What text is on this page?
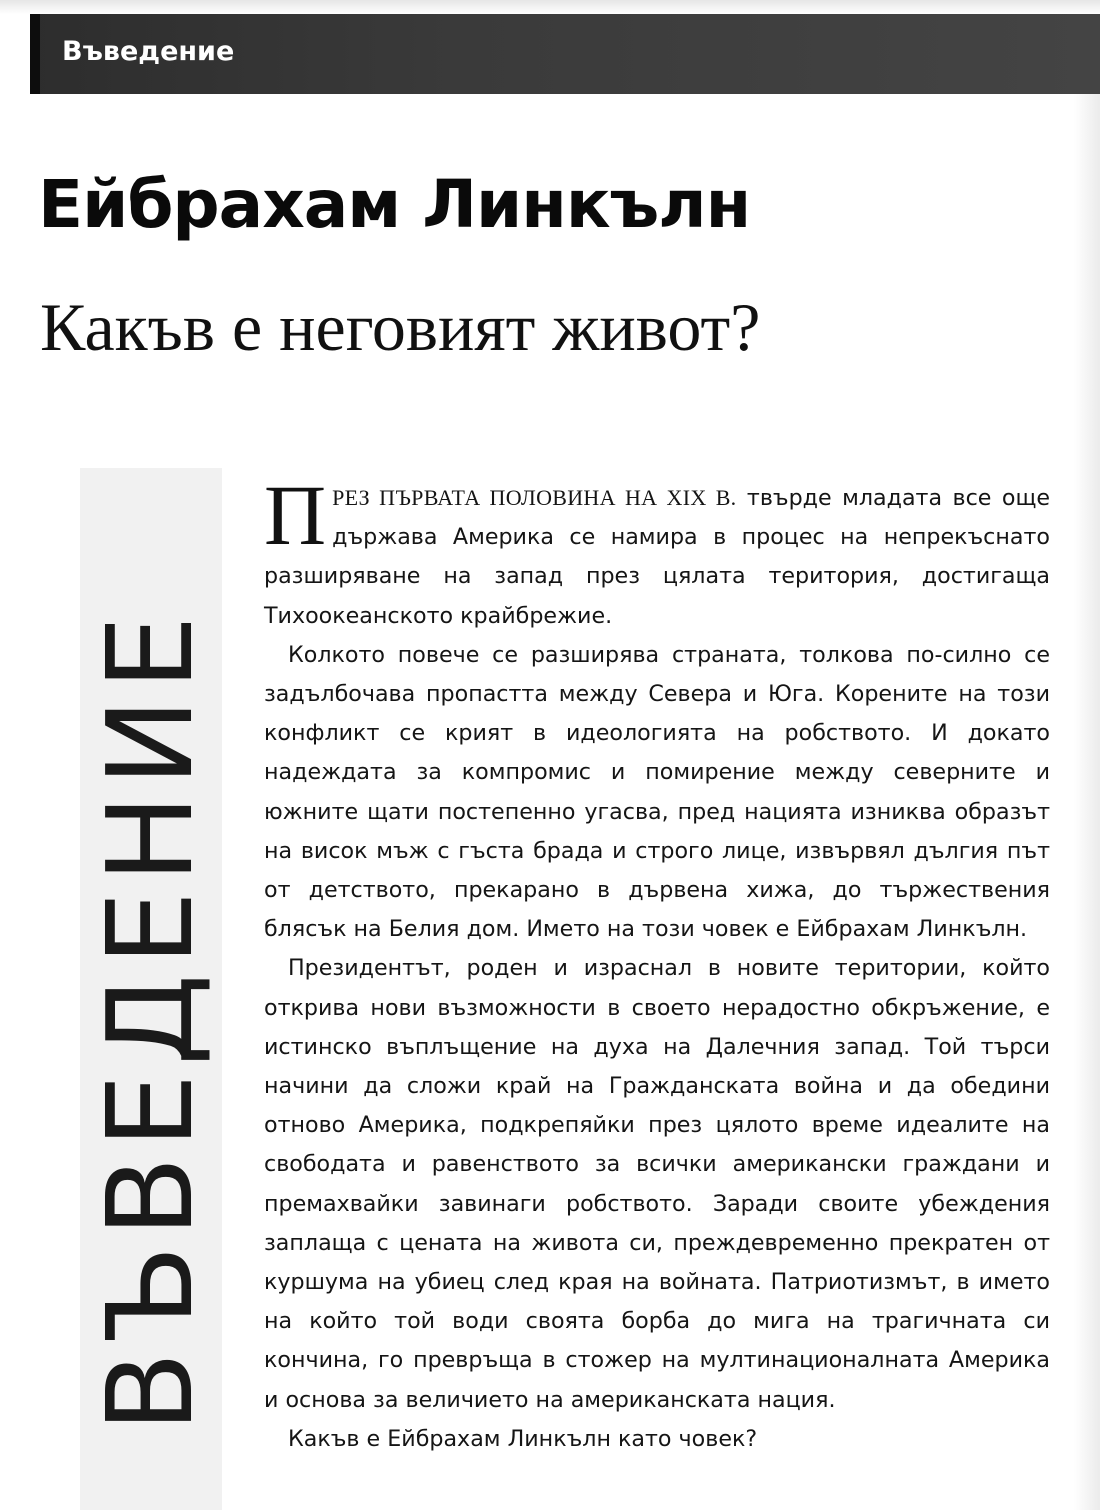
Въведение
Ейбрахам Линкълн
Какъв е неговият живот?
ВЪВЕДЕНИЕ

ПРЕЗ ПЪРВАТА ПОЛОВИНА НА XIX В. твърде младата все още държава Америка се намира в процес на непрекъснато разширяване на запад през цялата територия, достигаща Тихоокеанското крайбрежие.

Колкото повече се разширява страната, толкова по-силно се задълбочава пропастта между Севера и Юга. Корените на този конфликт се крият в идеологията на робството. И докато надеждата за компромис и помирение между северните и южните щати постепенно угасва, пред нацията изниква образът на висок мъж с гъста брада и строго лице, извървял дългия път от детството, прекарано в дървена хижа, до тържествения блясък на Белия дом. Името на този човек е Ейбрахам Линкълн.

Президентът, роден и израснал в новите територии, който открива нови възможности в своето нерадостно обкръжение, е истинско въплъщение на духа на Далечния запад. Той търси начини да сложи край на Гражданската война и да обедини отново Америка, подкрепяйки през цялото време идеалите на свободата и равенството за всички американски граждани и премахвайки завинаги робството. Заради своите убеждения заплаща с цената на живота си, преждевременно прекратен от куршума на убиец след края на войната. Патриотизмът, в името на който той води своята борба до мига на трагичната си кончина, го превръща в стожер на мултинационалната Америка и основа за величието на американската нация.

Какъв е Ейбрахам Линкълн като човек?
